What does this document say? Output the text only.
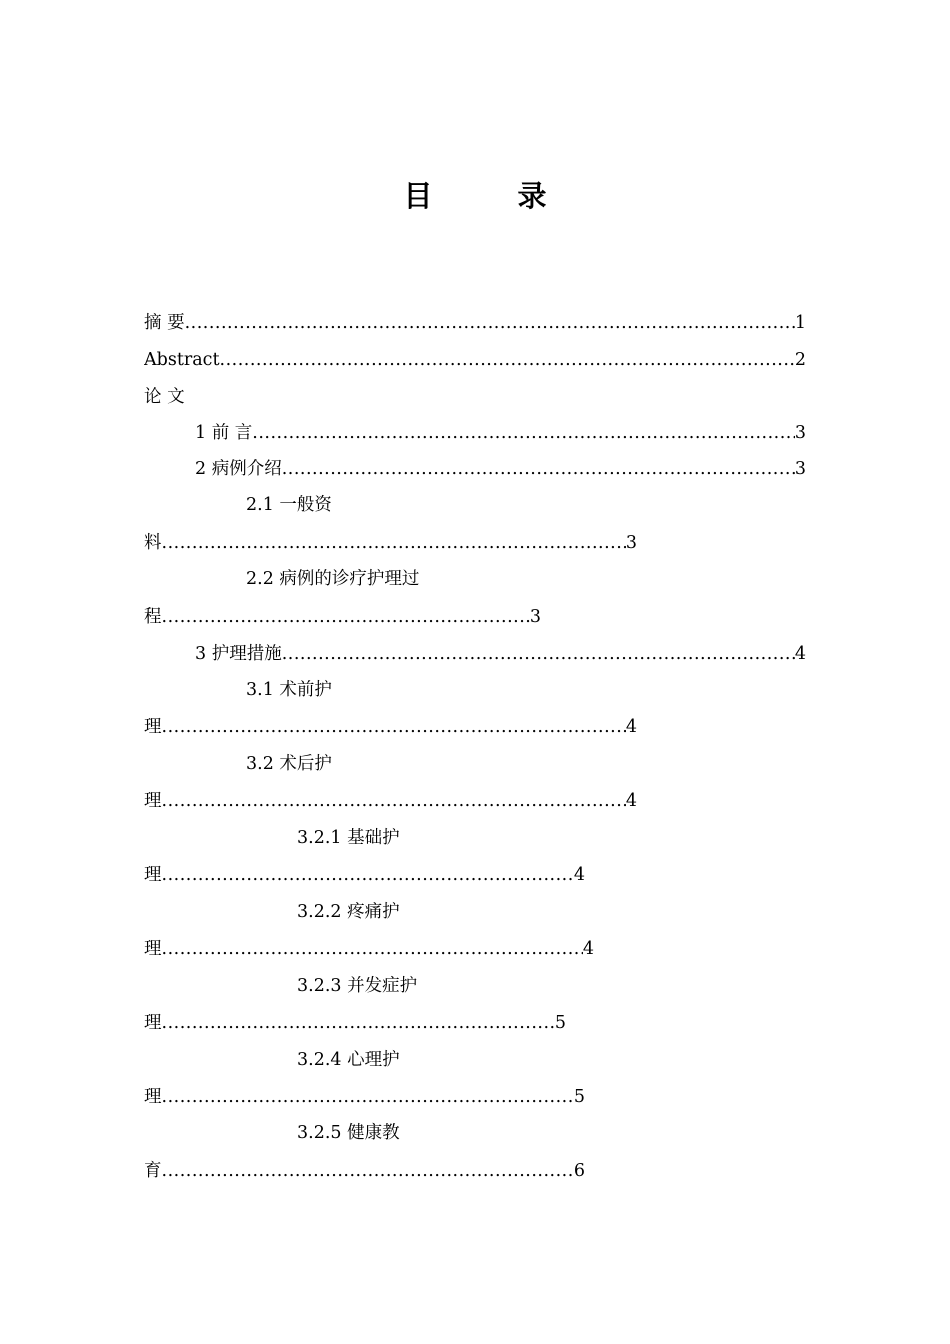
目　录
摘 要 .....	1
Abstract .....	2
论 文
1 前 言 .....	3
2 病例介绍 .....	3
2.1 一般资
料 .....	3
2.2 病例的诊疗护理过
程 .....	3
3 护理措施 .....	4
3.1 术前护
理 .....	4
3.2 术后护
理 .....	4
3.2.1 基础护
理 .....	4
3.2.2 疼痛护
理 .....	4
3.2.3 并发症护
理 .....	5
3.2.4 心理护
理 .....	5
3.2.5 健康教
育 .....	6
